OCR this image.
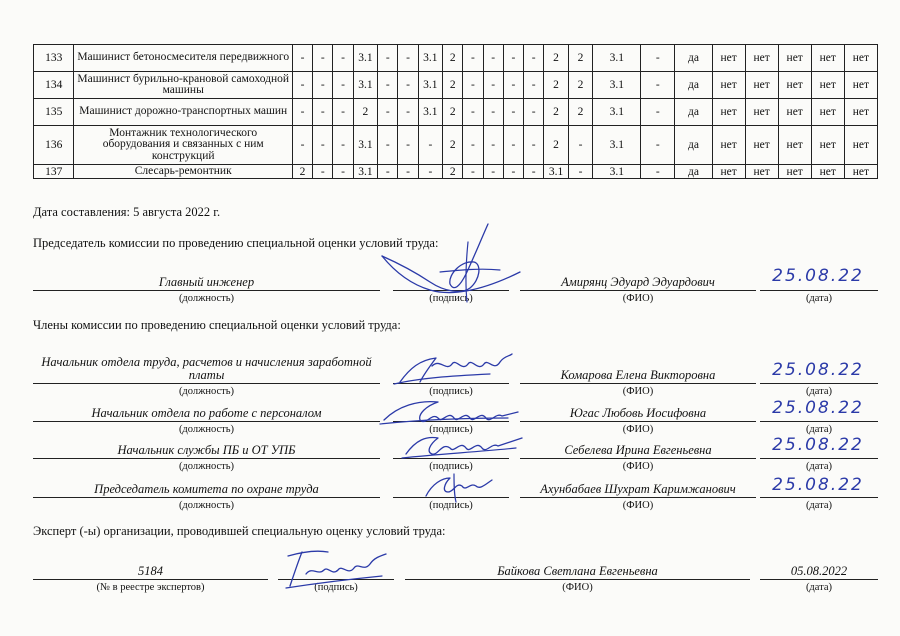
133	Машинист бетоносмесителя передвижного	-	-	-	3.1	-	-	3.1	2	-	-	-	-	2	2	3.1	-	да	нет	нет	нет	нет	нет
134	Машинист бурильно-крановой самоходной машины	-	-	-	3.1	-	-	3.1	2	-	-	-	-	2	2	3.1	-	да	нет	нет	нет	нет	нет
135	Машинист дорожно-транспортных машин	-	-	-	2	-	-	3.1	2	-	-	-	-	2	2	3.1	-	да	нет	нет	нет	нет	нет
136	Монтажник технологического оборудования и связанных с ним конструкций	-	-	-	3.1	-	-	-	2	-	-	-	-	2	-	3.1	-	да	нет	нет	нет	нет	нет
137	Слесарь-ремонтник	2	-	-	3.1	-	-	-	2	-	-	-	-	3.1	-	3.1	-	да	нет	нет	нет	нет	нет
Дата составления: 5 августа 2022 г.
Председатель комиссии по проведению специальной оценки условий труда:
Главный инженер
(должность)	(подпись)
Амирянц Эдуард Эдуардович
(ФИО)
25.08.22
(дата)
Члены комиссии по проведению специальной оценки условий труда:
Начальник отдела труда, расчетов и начисления заработной платы
(должность)	(подпись)
Комарова Елена Викторовна
(ФИО)
25.08.22
(дата)
Начальник отдела по работе с персоналом
(должность)	(подпись)
Югас Любовь Иосифовна
(ФИО)
25.08.22
(дата)
Начальник службы ПБ и ОТ УПБ
(должность)	(подпись)
Себелева Ирина Евгеньевна
(ФИО)
25.08.22
(дата)
Председатель комитета по охране труда
(должность)	(подпись)
Ахунбабаев Шухрат Каримжанович
(ФИО)
25.08.22
(дата)
Эксперт (-ы) организации, проводившей специальную оценку условий труда:
5184
(№ в реестре экспертов)	(подпись)
Байкова Светлана Евгеньевна
(ФИО)
05.08.2022
(дата)
